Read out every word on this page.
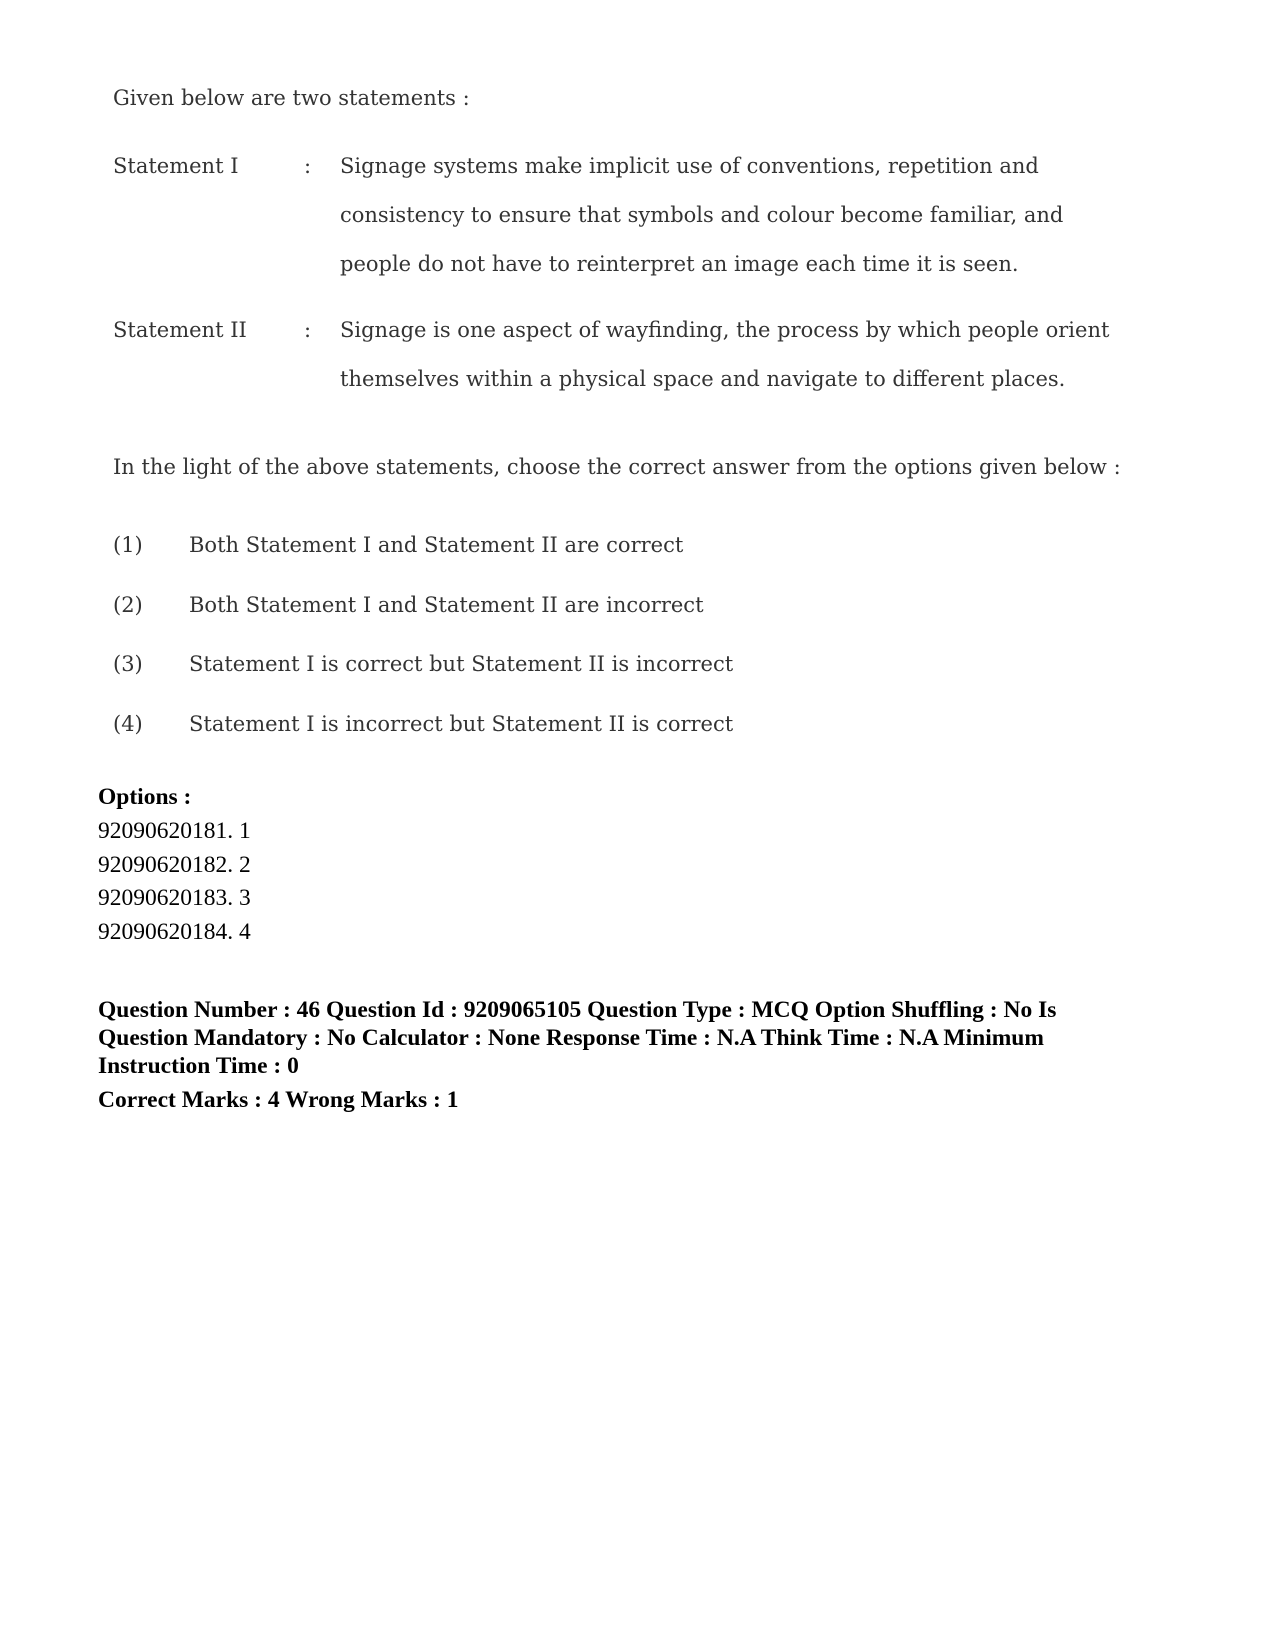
Given below are two statements :
Statement I	: Signage systems make implicit use of conventions, repetition and
consistency to ensure that symbols and colour become familiar, and
people do not have to reinterpret an image each time it is seen.
Statement II	: Signage is one aspect of wayfinding, the process by which people orient
themselves within a physical space and navigate to different places.
In the light of the above statements, choose the correct answer from the options given below :
(1) Both Statement I and Statement II are correct
(2) Both Statement I and Statement II are incorrect
(3) Statement I is correct but Statement II is incorrect
(4) Statement I is incorrect but Statement II is correct
Options :
92090620181. 1
92090620182. 2
92090620183. 3
92090620184. 4
Question Number : 46 Question Id : 9209065105 Question Type : MCQ Option Shuffling : No Is Question Mandatory : No Calculator : None Response Time : N.A Think Time : N.A Minimum Instruction Time : 0
Correct Marks : 4 Wrong Marks : 1
